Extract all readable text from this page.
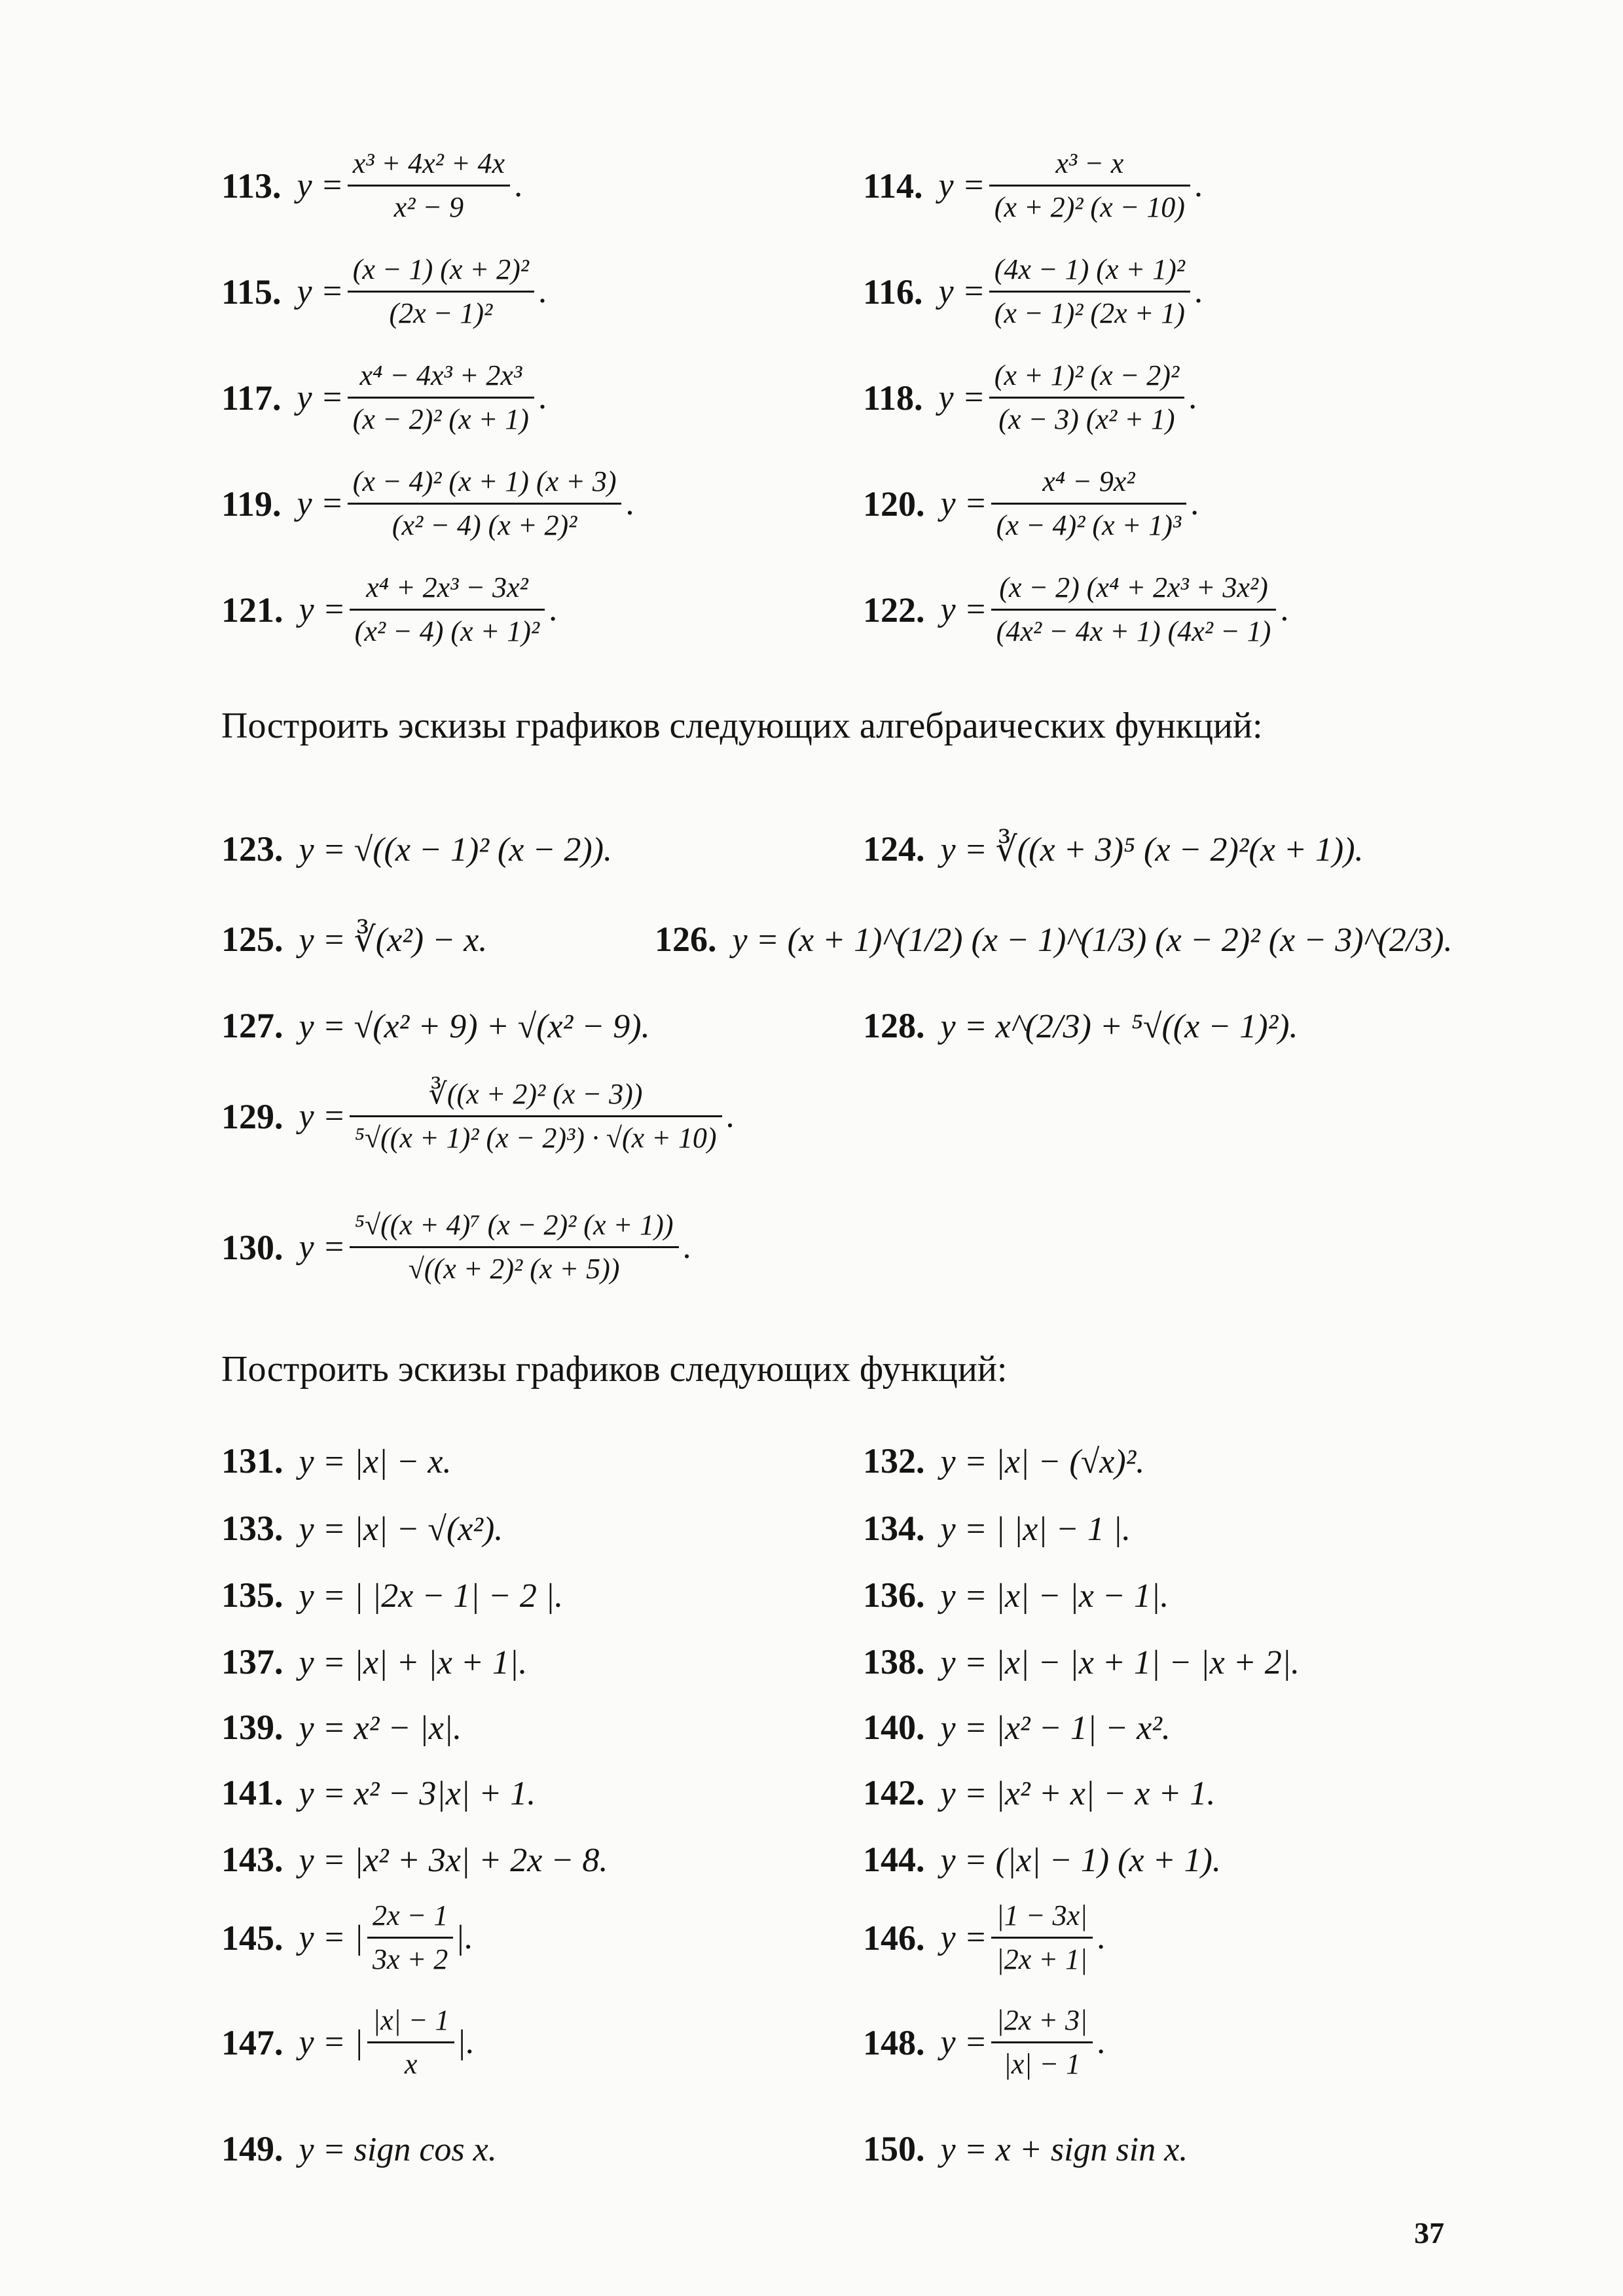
113. $y = \frac{\text{x³ + 4x² + 4x}}{\text{x² − 9}}$ .	114. $y = \frac{\text{x³ − x}}{\text{(x + 2)² (x − 10)}}$ .
115. $y = \frac{\text{(x − 1) (x + 2)²}}{\text{(2x − 1)²}}$ .	116. $y = \frac{\text{(4x − 1) (x + 1)²}}{\text{(x − 1)² (2x + 1)}}$ .
117. $y = \frac{\text{x⁴ − 4x³ + 2x³}}{\text{(x − 2)² (x + 1)}}$ .	118. $y = \frac{\text{(x + 1)² (x − 2)²}}{\text{(x − 3) (x² + 1)}}$ .
119. $y = \frac{\text{(x − 4)² (x + 1) (x + 3)}}{\text{(x² − 4) (x + 2)²}}$ .	120. $y = \frac{\text{x⁴ − 9x²}}{\text{(x − 4)² (x + 1)³}}$ .
121. $y = \frac{\text{x⁴ + 2x³ − 3x²}}{\text{(x² − 4) (x + 1)²}}$ .	122. $y = \frac{\text{(x − 2) (x⁴ + 2x³ + 3x²)}}{\text{(4x² − 4x + 1) (4x² − 1)}}$ .
Построить эскизы графиков следующих алгебраических функций:
123. y = √((x − 1)² (x − 2)).	124. y = ∛((x + 3)⁵ (x − 2)²(x + 1)).
125. y = ∛(x²) − x.	126. y = (x + 1)^(1/2) (x − 1)^(1/3) (x − 2)² (x − 3)^(2/3).
127. y = √(x² + 9) + √(x² − 9).	128. y = x^(2/3) + ⁵√((x − 1)²).
129. $y = \frac{\text{∛((x + 2)² (x − 3))}}{\text{⁵√((x + 1)² (x − 2)³) · √(x + 10)}}$ .
130. $y = \frac{\text{⁵√((x + 4)⁷ (x − 2)² (x + 1))}}{\text{√((x + 2)² (x + 5))}}$ .
Построить эскизы графиков следующих функций:
131. y = |x| − x.	132. y = |x| − (√x)².
133. y = |x| − √(x²).	134. y = | |x| − 1 |.
135. y = | |2x − 1| − 2 |.	136. y = |x| − |x − 1|.
137. y = |x| + |x + 1|.	138. y = |x| − |x + 1| − |x + 2|.
139. y = x² − |x|.	140. y = |x² − 1| − x².
141. y = x² − 3|x| + 1.	142. y = |x² + x| − x + 1.
143. y = |x² + 3x| + 2x − 8.	144. y = (|x| − 1) (x + 1).
145. y = | $\frac{2x - 1}{3x + 2}$ |.	146. $y = \frac{|1 - 3x|}{|2x + 1|}$ .
147. y = | $\frac{|x| - 1}{x}$ |.	148. $y = \frac{|2x + 3|}{|x| - 1}$ .
149. y = sign cos x.	150. y = x + sign sin x.
37
